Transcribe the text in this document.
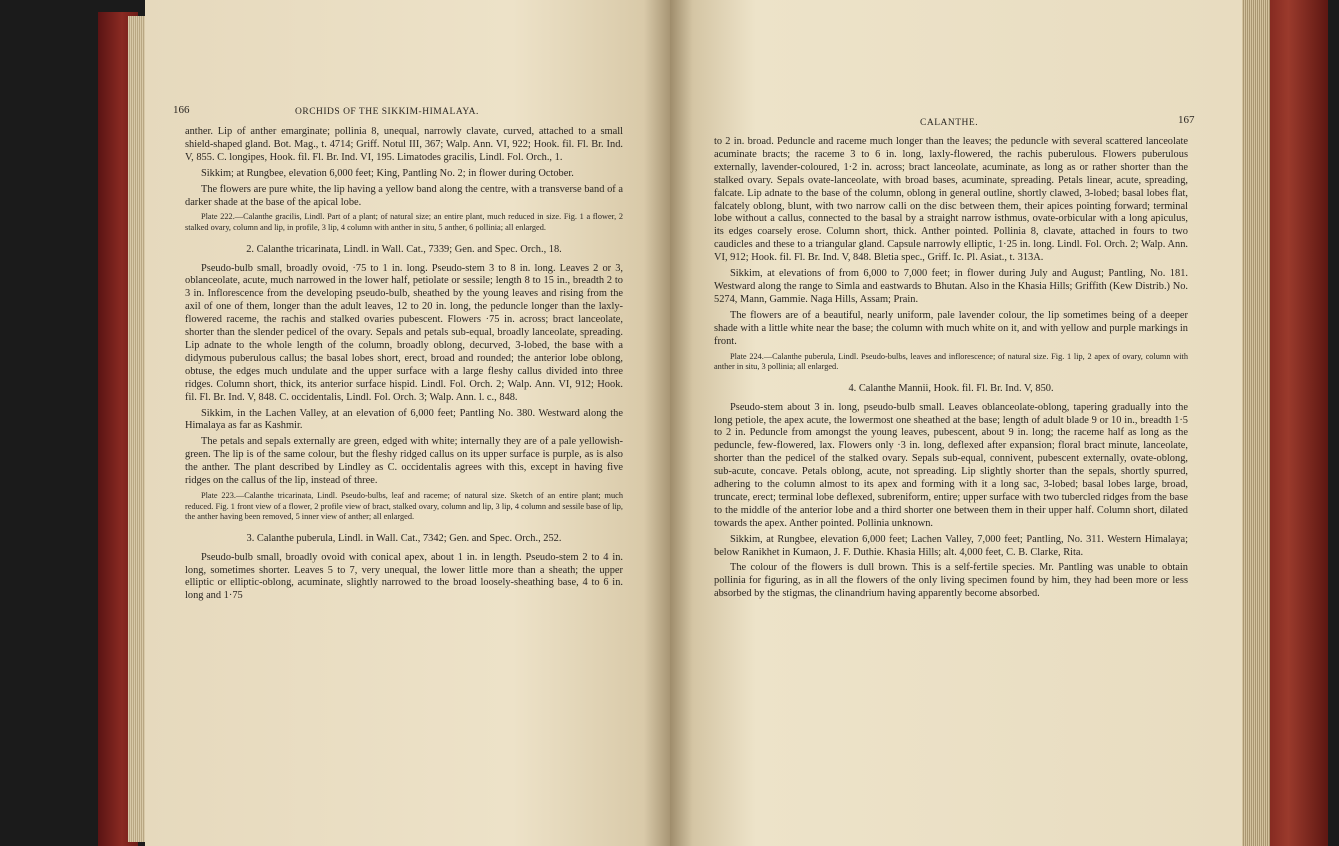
166	ORCHIDS OF THE SIKKIM-HIMALAYA.

anther. Lip of anther emarginate; pollinia 8, unequal, narrowly clavate, curved, attached to a small shield-shaped gland. Bot. Mag., t. 4714; Griff. Notul III, 367; Walp. Ann. VI, 922; Hook. fil. Fl. Br. Ind. V, 855. C. longipes, Hook. fil. Fl. Br. Ind. VI, 195. Limatodes gracilis, Lindl. Fol. Orch., 1.

Sikkim; at Rungbee, elevation 6,000 feet; King, Pantling No. 2; in flower during October.

The flowers are pure white, the lip having a yellow band along the centre, with a transverse band of a darker shade at the base of the apical lobe.

Plate 222.—Calanthe gracilis, Lindl. Part of a plant; of natural size; an entire plant, much reduced in size. Fig. 1 a flower, 2 stalked ovary, column and lip, in profile, 3 lip, 4 column with anther in situ, 5 anther, 6 pollinia; all enlarged.

2. Calanthe tricarinata, Lindl. in Wall. Cat., 7339; Gen. and Spec. Orch., 18.

Pseudo-bulb small, broadly ovoid, ·75 to 1 in. long. Pseudo-stem 3 to 8 in. long. Leaves 2 or 3, oblanceolate, acute, much narrowed in the lower half, petiolate or sessile; length 8 to 15 in., breadth 2 to 3 in. Inflorescence from the developing pseudo-bulb, sheathed by the young leaves and rising from the axil of one of them, longer than the adult leaves, 12 to 20 in. long, the peduncle longer than the laxly-flowered raceme, the rachis and stalked ovaries pubescent. Flowers ·75 in. across; bract lanceolate, shorter than the slender pedicel of the ovary. Sepals and petals sub-equal, broadly lanceolate, spreading. Lip adnate to the whole length of the column, broadly oblong, decurved, 3-lobed, the base with a didymous puberulous callus; the basal lobes short, erect, broad and rounded; the anterior lobe oblong, obtuse, the edges much undulate and the upper surface with a large fleshy callus divided into three ridges. Column short, thick, its anterior surface hispid. Lindl. Fol. Orch. 2; Walp. Ann. VI, 912; Hook. fil. Fl. Br. Ind. V, 848. C. occidentalis, Lindl. Fol. Orch. 3; Walp. Ann. l. c., 848.

Sikkim, in the Lachen Valley, at an elevation of 6,000 feet; Pantling No. 380. Westward along the Himalaya as far as Kashmir.

The petals and sepals externally are green, edged with white; internally they are of a pale yellowish-green. The lip is of the same colour, but the fleshy ridged callus on its upper surface is purple, as is also the anther. The plant described by Lindley as C. occidentalis agrees with this, except in having five ridges on the callus of the lip, instead of three.

Plate 223.—Calanthe tricarinata, Lindl. Pseudo-bulbs, leaf and raceme; of natural size. Sketch of an entire plant; much reduced. Fig. 1 front view of a flower, 2 profile view of bract, stalked ovary, column and lip, 3 lip, 4 column and sessile base of lip, the anther having been removed, 5 inner view of anther; all enlarged.

3. Calanthe puberula, Lindl. in Wall. Cat., 7342; Gen. and Spec. Orch., 252.

Pseudo-bulb small, broadly ovoid with conical apex, about 1 in. in length. Pseudo-stem 2 to 4 in. long, sometimes shorter. Leaves 5 to 7, very unequal, the lower little more than a sheath; the upper elliptic or elliptic-oblong, acuminate, slightly narrowed to the broad loosely-sheathing base, 4 to 6 in. long and 1·75

CALANTHE.	167

to 2 in. broad. Peduncle and raceme much longer than the leaves; the peduncle with several scattered lanceolate acuminate bracts; the raceme 3 to 6 in. long, laxly-flowered, the rachis puberulous. Flowers puberulous externally, lavender-coloured, 1·2 in. across; bract lanceolate, acuminate, as long as or rather shorter than the stalked ovary. Sepals ovate-lanceolate, with broad bases, acuminate, spreading. Petals linear, acute, spreading, falcate. Lip adnate to the base of the column, oblong in general outline, shortly clawed, 3-lobed; basal lobes flat, falcately oblong, blunt, with two narrow calli on the disc between them, their apices pointing forward; terminal lobe without a callus, connected to the basal by a straight narrow isthmus, ovate-orbicular with a long apiculus, its edges coarsely erose. Column short, thick. Anther pointed. Pollinia 8, clavate, attached in fours to two caudicles and these to a triangular gland. Capsule narrowly elliptic, 1·25 in. long. Lindl. Fol. Orch. 2; Walp. Ann. VI, 912; Hook. fil. Fl. Br. Ind. V, 848. Bletia spec., Griff. Ic. Pl. Asiat., t. 313A.

Sikkim, at elevations of from 6,000 to 7,000 feet; in flower during July and August; Pantling, No. 181. Westward along the range to Simla and eastwards to Bhutan. Also in the Khasia Hills; Griffith (Kew Distrib.) No. 5274, Mann, Gammie. Naga Hills, Assam; Prain.

The flowers are of a beautiful, nearly uniform, pale lavender colour, the lip sometimes being of a deeper shade with a little white near the base; the column with much white on it, and with yellow and purple markings in front.

Plate 224.—Calanthe puberula, Lindl. Pseudo-bulbs, leaves and inflorescence; of natural size. Fig. 1 lip, 2 apex of ovary, column with anther in situ, 3 pollinia; all enlarged.

4. Calanthe Mannii, Hook. fil. Fl. Br. Ind. V, 850.

Pseudo-stem about 3 in. long, pseudo-bulb small. Leaves oblanceolate-oblong, tapering gradually into the long petiole, the apex acute, the lowermost one sheathed at the base; length of adult blade 9 or 10 in., breadth 1·5 to 2 in. Peduncle from amongst the young leaves, pubescent, about 9 in. long; the raceme half as long as the peduncle, few-flowered, lax. Flowers only ·3 in. long, deflexed after expansion; floral bract minute, lanceolate, shorter than the pedicel of the stalked ovary. Sepals sub-equal, connivent, pubescent externally, ovate-oblong, sub-acute, concave. Petals oblong, acute, not spreading. Lip slightly shorter than the sepals, shortly spurred, adhering to the column almost to its apex and forming with it a long sac, 3-lobed; basal lobes large, broad, truncate, erect; terminal lobe deflexed, subreniform, entire; upper surface with two tubercled ridges from the base to the middle of the anterior lobe and a third shorter one between them in their upper half. Column short, dilated towards the apex. Anther pointed. Pollinia unknown.

Sikkim, at Rungbee, elevation 6,000 feet; Lachen Valley, 7,000 feet; Pantling, No. 311. Western Himalaya; below Ranikhet in Kumaon, J. F. Duthie. Khasia Hills; alt. 4,000 feet, C. B. Clarke, Rita.

The colour of the flowers is dull brown. This is a self-fertile species. Mr. Pantling was unable to obtain pollinia for figuring, as in all the flowers of the only living specimen found by him, they had been more or less absorbed by the stigmas, the clinandrium having apparently become absorbed.
